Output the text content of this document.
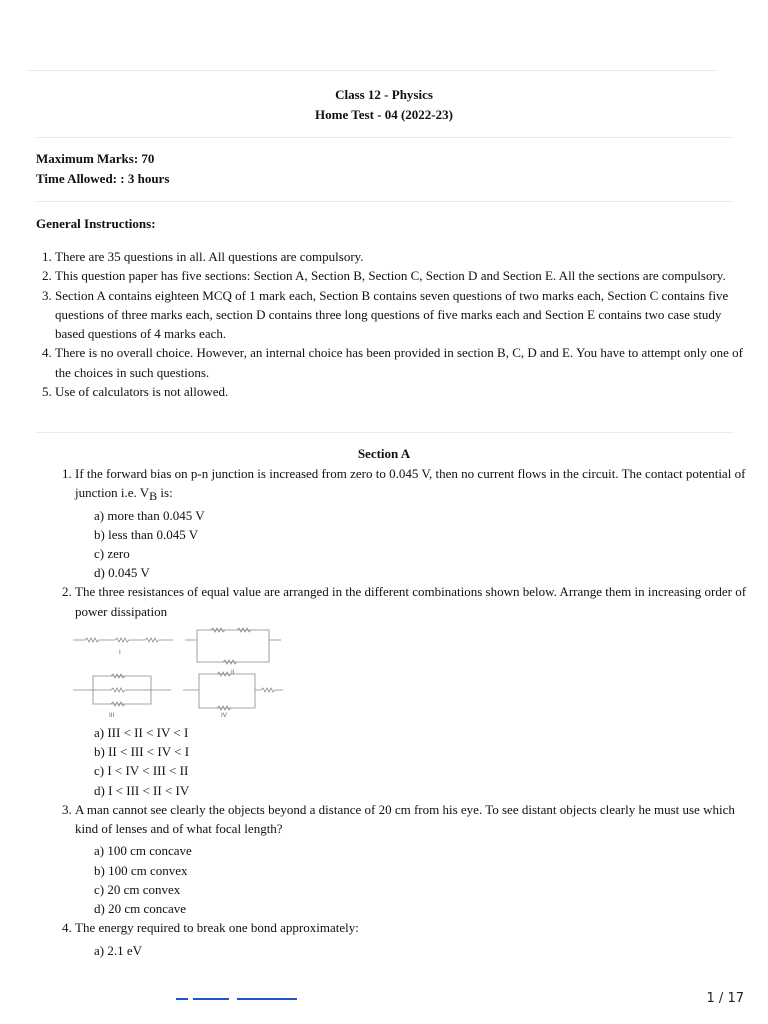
Class 12 - Physics
Home Test - 04 (2022-23)
Maximum Marks: 70
Time Allowed: : 3 hours
General Instructions:
1. There are 35 questions in all. All questions are compulsory.
2. This question paper has five sections: Section A, Section B, Section C, Section D and Section E. All the sections are compulsory.
3. Section A contains eighteen MCQ of 1 mark each, Section B contains seven questions of two marks each, Section C contains five questions of three marks each, section D contains three long questions of five marks each and Section E contains two case study based questions of 4 marks each.
4. There is no overall choice. However, an internal choice has been provided in section B, C, D and E. You have to attempt only one of the choices in such questions.
5. Use of calculators is not allowed.
Section A
1. If the forward bias on p-n junction is increased from zero to 0.045 V, then no current flows in the circuit. The contact potential of junction i.e. $V_B$ is:
a) more than 0.045 V
b) less than 0.045 V
c) zero
d) 0.045 V
2. The three resistances of equal value are arranged in the different combinations shown below. Arrange them in increasing order of power dissipation
I
II
III	IV
a) III < II < IV < I
b) II < III < IV < I
c) I < IV < III < II
d) I < III < II < IV
3. A man cannot see clearly the objects beyond a distance of 20 cm from his eye. To see distant objects clearly he must use which kind of lenses and of what focal length?
a) 100 cm concave
b) 100 cm convex
c) 20 cm convex
d) 20 cm concave
4. The energy required to break one bond approximately:
a) 2.1 eV
1 / 17
